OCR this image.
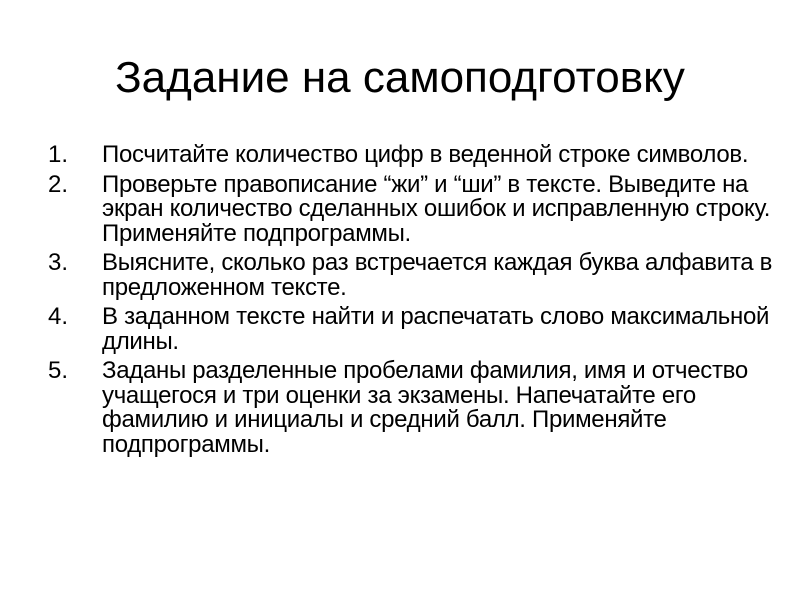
Задание на самоподготовку
1. Посчитайте количество цифр в веденной строке символов.
2. Проверьте правописание “жи” и “ши” в тексте. Выведите на экран количество сделанных ошибок и исправленную строку. Применяйте подпрограммы.
3. Выясните, сколько раз встречается каждая буква алфавита в предложенном тексте.
4. В заданном тексте найти и распечатать слово максимальной длины.
5. Заданы разделенные пробелами фамилия, имя и отчество учащегося и три оценки за экзамены. Напечатайте его фамилию и инициалы и средний балл. Применяйте подпрограммы.
